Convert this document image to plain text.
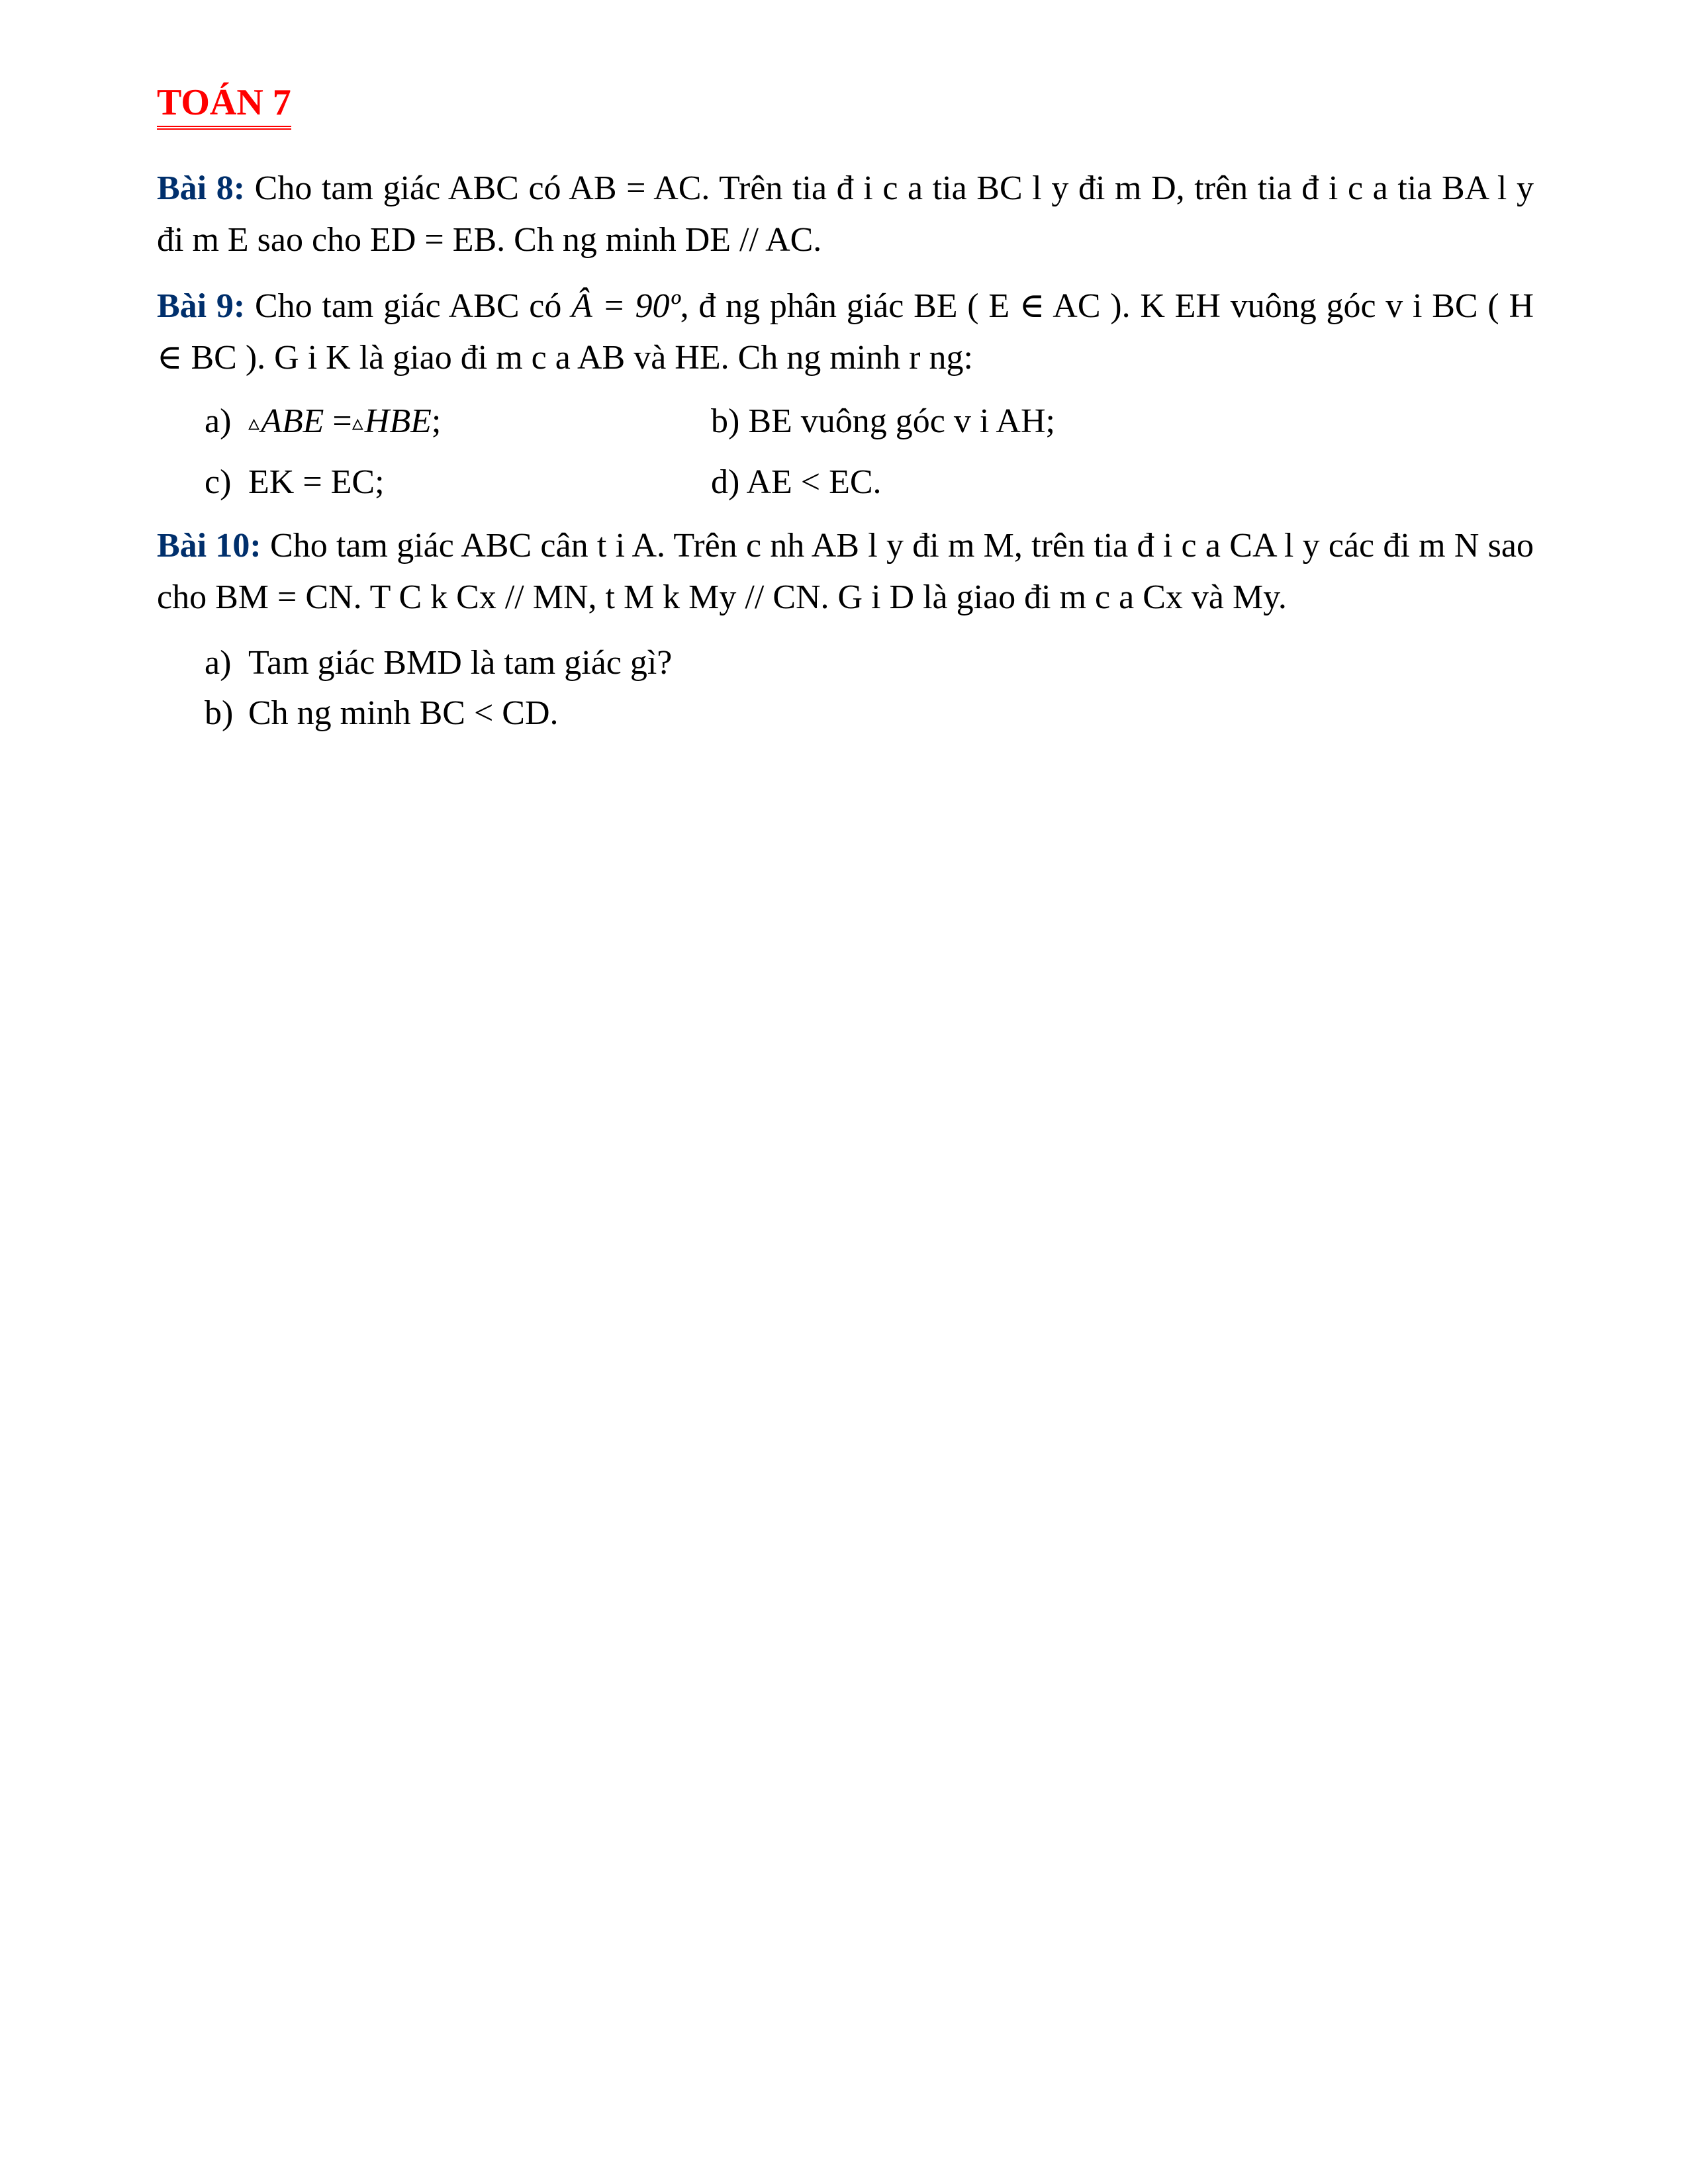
TOÁN 7

Bài 8: Cho tam giác ABC có AB = AC. Trên tia đ i c a tia BC l y đi m D, trên tia đ i c a tia BA l y đi m E sao cho ED = EB. Ch ng minh DE // AC.

Bài 9: Cho tam giác ABC có Â = 90º, đ ng phân giác BE ( E ∈ AC ). K EH vuông góc v i BC ( H ∈ BC ). G i K là giao đi m c a AB và HE. Ch ng minh r ng:

a) ▵ABE =▵HBE;	b) BE vuông góc v i AH;
c) EK = EC;	d) AE < EC.

Bài 10: Cho tam giác ABC cân t i A. Trên c nh AB l y đi m M, trên tia đ i c a CA l y các đi m N sao cho BM = CN. T C k Cx // MN, t M k My // CN. G i D là giao đi m c a Cx và My.

a) Tam giác BMD là tam giác gì?
b) Ch ng minh BC < CD.
